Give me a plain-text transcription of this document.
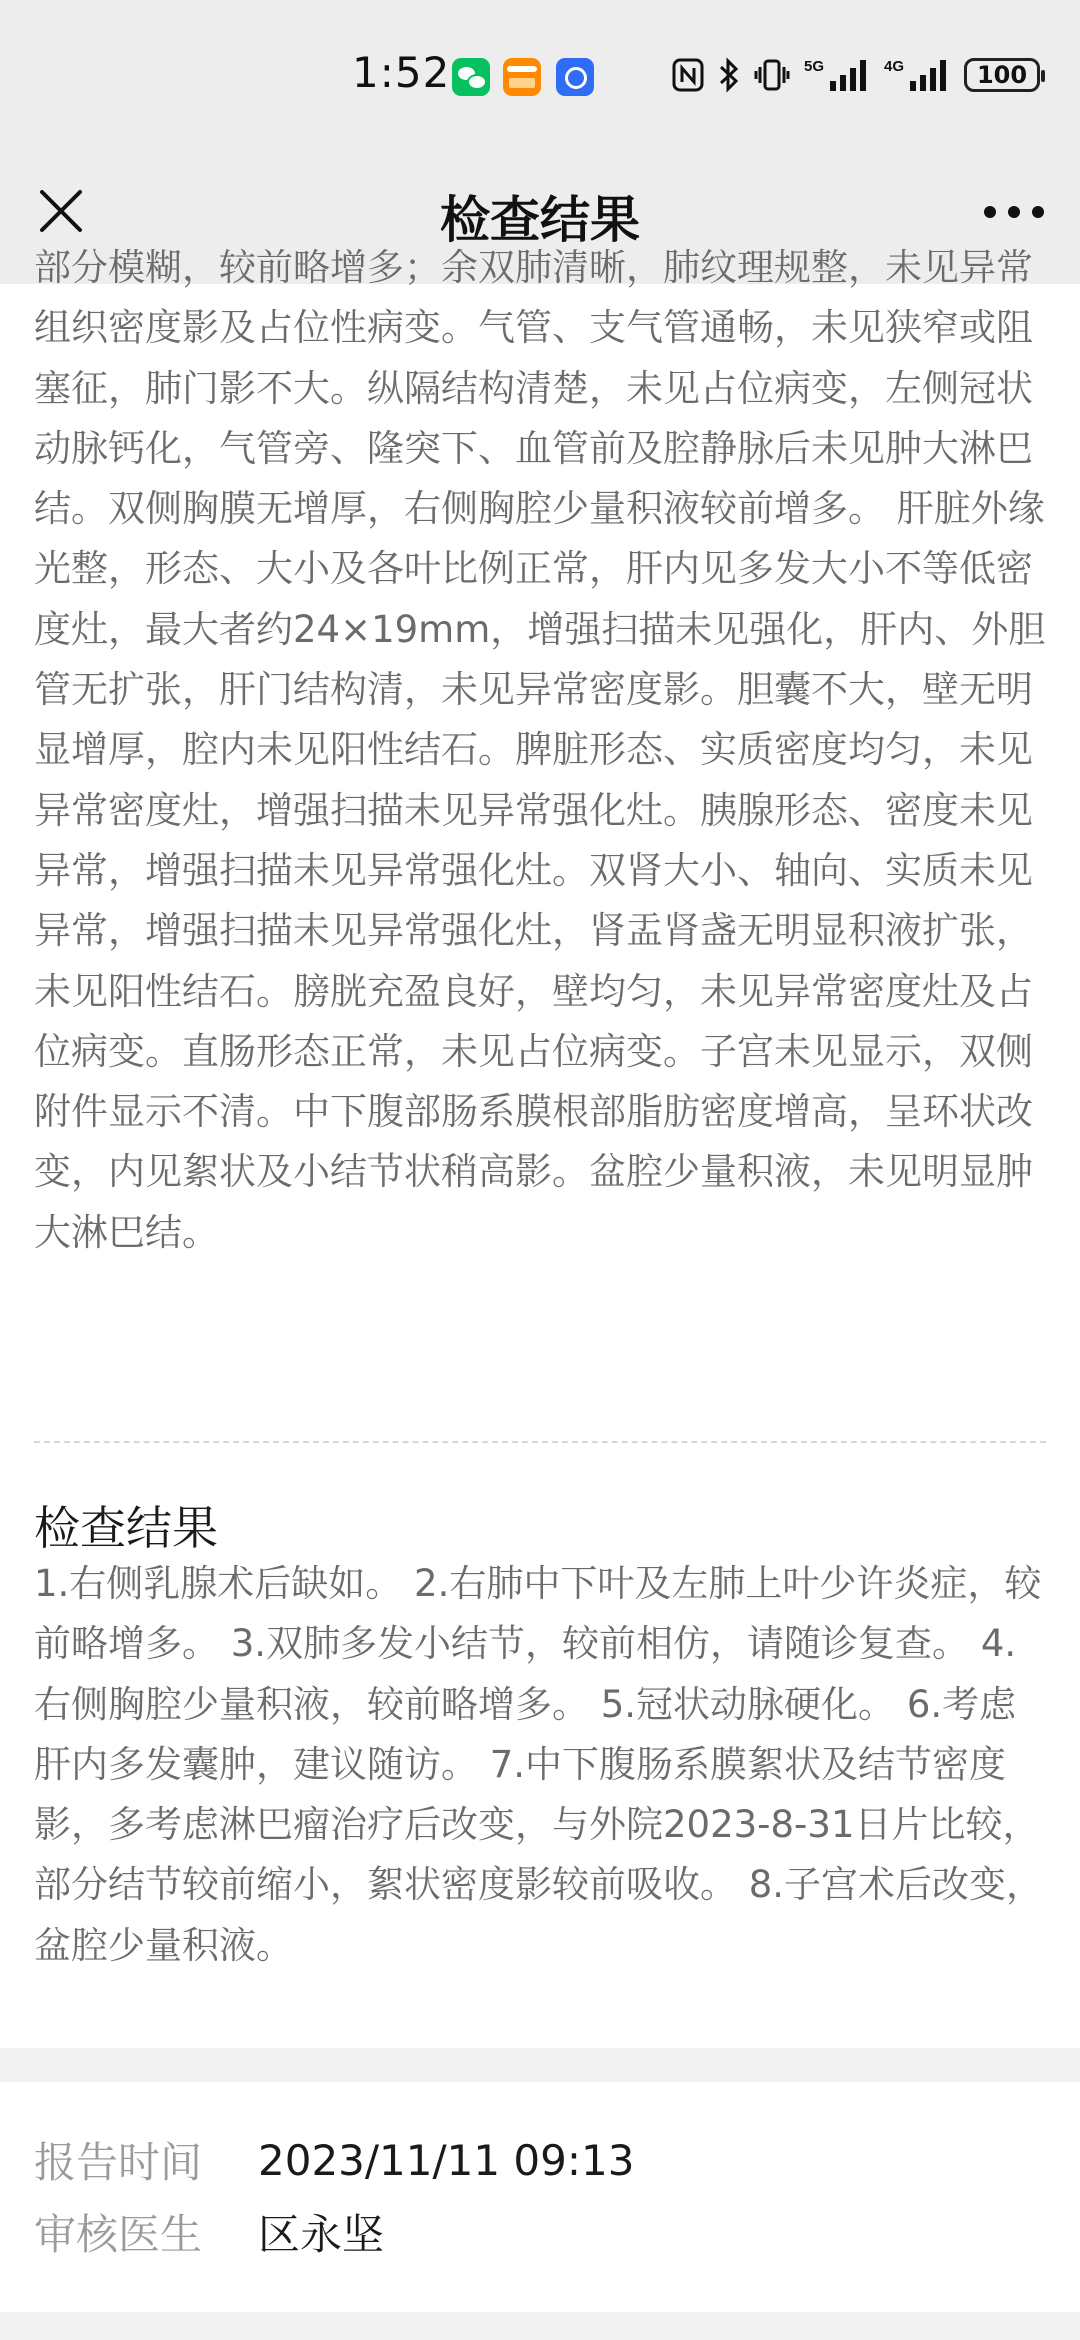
1:52	5G	4G	100
检查结果

部分模糊，较前略增多；余双肺清晰，肺纹理规整，未见异常组织密度影及占位性病变。气管、支气管通畅，未见狭窄或阻塞征，肺门影不大。纵隔结构清楚，未见占位病变，左侧冠状动脉钙化，气管旁、隆突下、血管前及腔静脉后未见肿大淋巴结。双侧胸膜无增厚，右侧胸腔少量积液较前增多。 肝脏外缘光整，形态、大小及各叶比例正常，肝内见多发大小不等低密度灶，最大者约24×19mm，增强扫描未见强化，肝内、外胆管无扩张，肝门结构清，未见异常密度影。胆囊不大，壁无明显增厚，腔内未见阳性结石。脾脏形态、实质密度均匀，未见异常密度灶，增强扫描未见异常强化灶。胰腺形态、密度未见异常，增强扫描未见异常强化灶。双肾大小、轴向、实质未见异常，增强扫描未见异常强化灶，肾盂肾盏无明显积液扩张，未见阳性结石。膀胱充盈良好，壁均匀，未见异常密度灶及占位病变。直肠形态正常，未见占位病变。子宫未见显示，双侧附件显示不清。中下腹部肠系膜根部脂肪密度增高，呈环状改变，内见絮状及小结节状稍高影。盆腔少量积液，未见明显肿大淋巴结。

检查结果

1.右侧乳腺术后缺如。 2.右肺中下叶及左肺上叶少许炎症，较前略增多。 3.双肺多发小结节，较前相仿，请随诊复查。 4.右侧胸腔少量积液，较前略增多。 5.冠状动脉硬化。 6.考虑肝内多发囊肿，建议随访。 7.中下腹肠系膜絮状及结节密度影，多考虑淋巴瘤治疗后改变，与外院2023-8-31日片比较，部分结节较前缩小，絮状密度影较前吸收。 8.子宫术后改变，盆腔少量积液。

报告时间	2023/11/11 09:13
审核医生	区永坚
